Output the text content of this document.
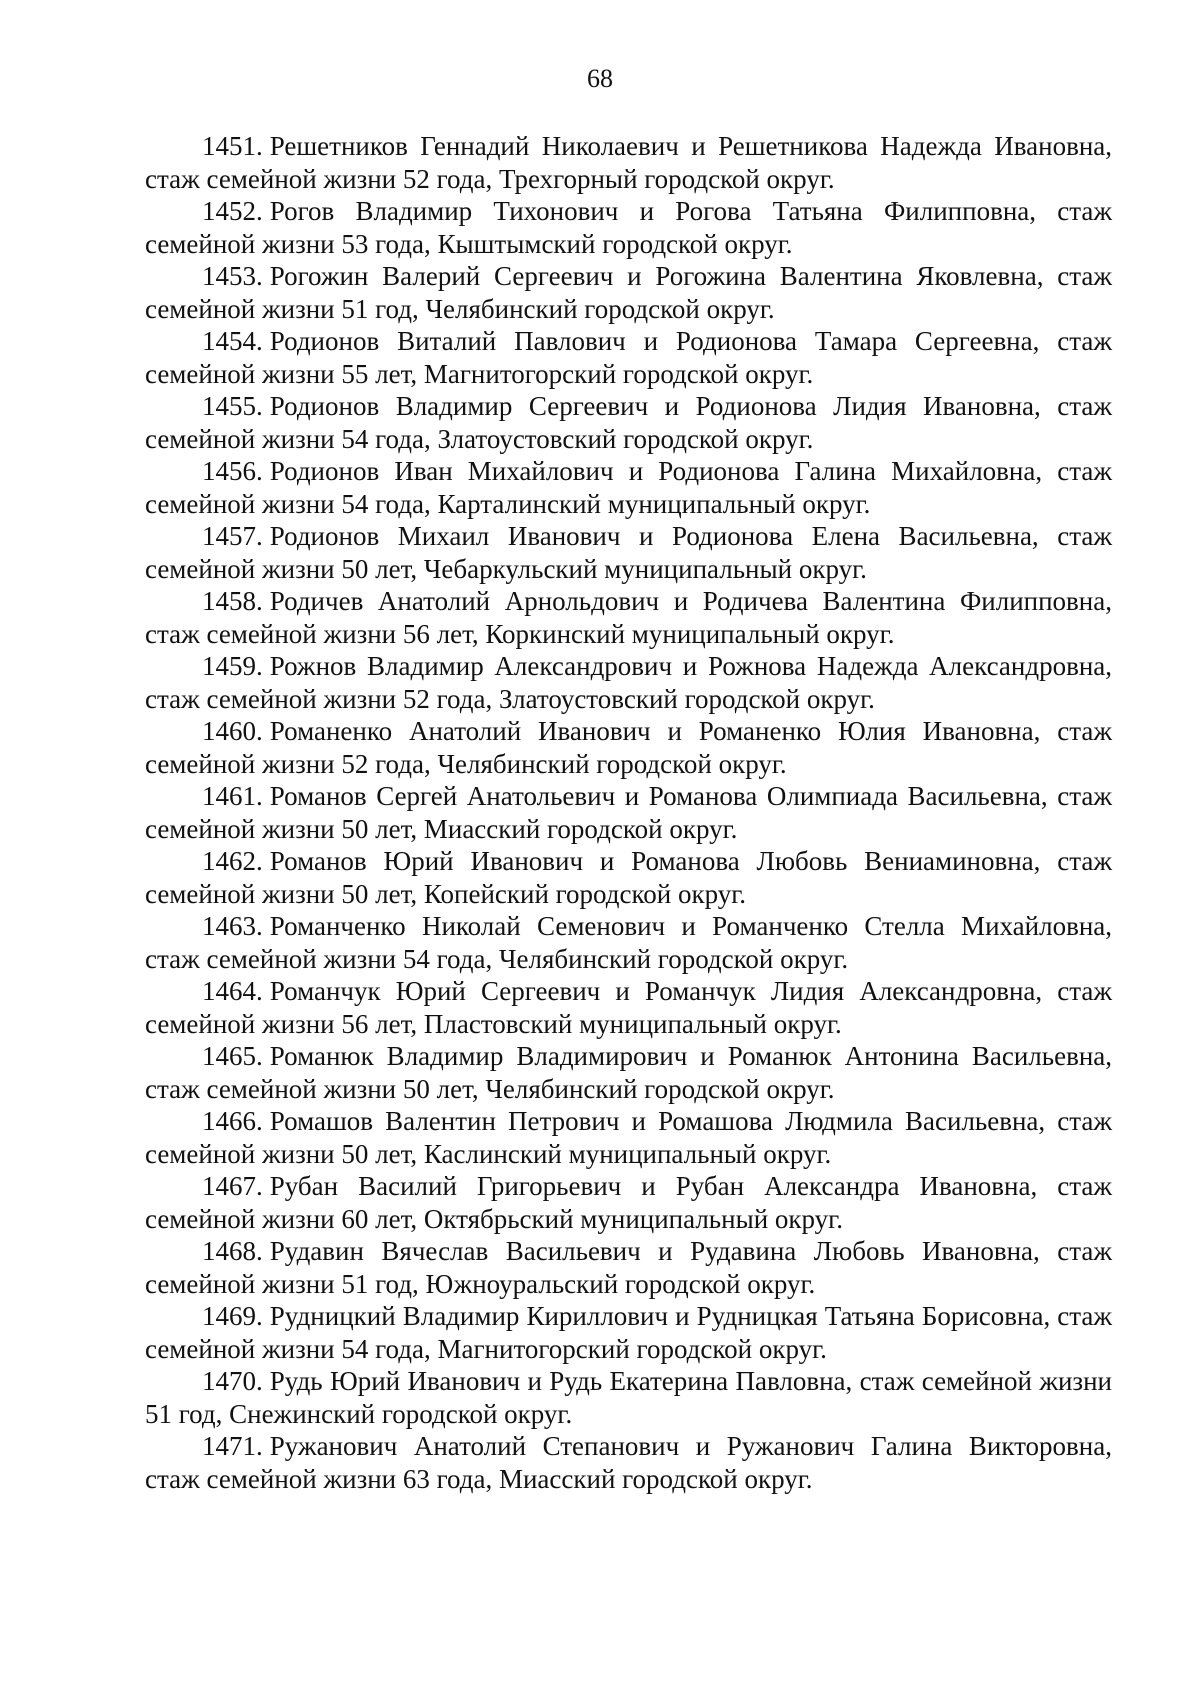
68

1451. Решетников Геннадий Николаевич и Решетникова Надежда Ивановна, стаж семейной жизни 52 года, Трехгорный городской округ.

1452. Рогов Владимир Тихонович и Рогова Татьяна Филипповна, стаж семейной жизни 53 года, Кыштымский городской округ.

1453. Рогожин Валерий Сергеевич и Рогожина Валентина Яковлевна, стаж семейной жизни 51 год, Челябинский городской округ.

1454. Родионов Виталий Павлович и Родионова Тамара Сергеевна, стаж семейной жизни 55 лет, Магнитогорский городской округ.

1455. Родионов Владимир Сергеевич и Родионова Лидия Ивановна, стаж семейной жизни 54 года, Златоустовский городской округ.

1456. Родионов Иван Михайлович и Родионова Галина Михайловна, стаж семейной жизни 54 года, Карталинский муниципальный округ.

1457. Родионов Михаил Иванович и Родионова Елена Васильевна, стаж семейной жизни 50 лет, Чебаркульский муниципальный округ.

1458. Родичев Анатолий Арнольдович и Родичева Валентина Филипповна, стаж семейной жизни 56 лет, Коркинский муниципальный округ.

1459. Рожнов Владимир Александрович и Рожнова Надежда Александровна, стаж семейной жизни 52 года, Златоустовский городской округ.

1460. Романенко Анатолий Иванович и Романенко Юлия Ивановна, стаж семейной жизни 52 года, Челябинский городской округ.

1461. Романов Сергей Анатольевич и Романова Олимпиада Васильевна, стаж семейной жизни 50 лет, Миасский городской округ.

1462. Романов Юрий Иванович и Романова Любовь Вениаминовна, стаж семейной жизни 50 лет, Копейский городской округ.

1463. Романченко Николай Семенович и Романченко Стелла Михайловна, стаж семейной жизни 54 года, Челябинский городской округ.

1464. Романчук Юрий Сергеевич и Романчук Лидия Александровна, стаж семейной жизни 56 лет, Пластовский муниципальный округ.

1465. Романюк Владимир Владимирович и Романюк Антонина Васильевна, стаж семейной жизни 50 лет, Челябинский городской округ.

1466. Ромашов Валентин Петрович и Ромашова Людмила Васильевна, стаж семейной жизни 50 лет, Каслинский муниципальный округ.

1467. Рубан Василий Григорьевич и Рубан Александра Ивановна, стаж семейной жизни 60 лет, Октябрьский муниципальный округ.

1468. Рудавин Вячеслав Васильевич и Рудавина Любовь Ивановна, стаж семейной жизни 51 год, Южноуральский городской округ.

1469. Рудницкий Владимир Кириллович и Рудницкая Татьяна Борисовна, стаж семейной жизни 54 года, Магнитогорский городской округ.

1470. Рудь Юрий Иванович и Рудь Екатерина Павловна, стаж семейной жизни 51 год, Снежинский городской округ.

1471. Ружанович Анатолий Степанович и Ружанович Галина Викторовна, стаж семейной жизни 63 года, Миасский городской округ.
